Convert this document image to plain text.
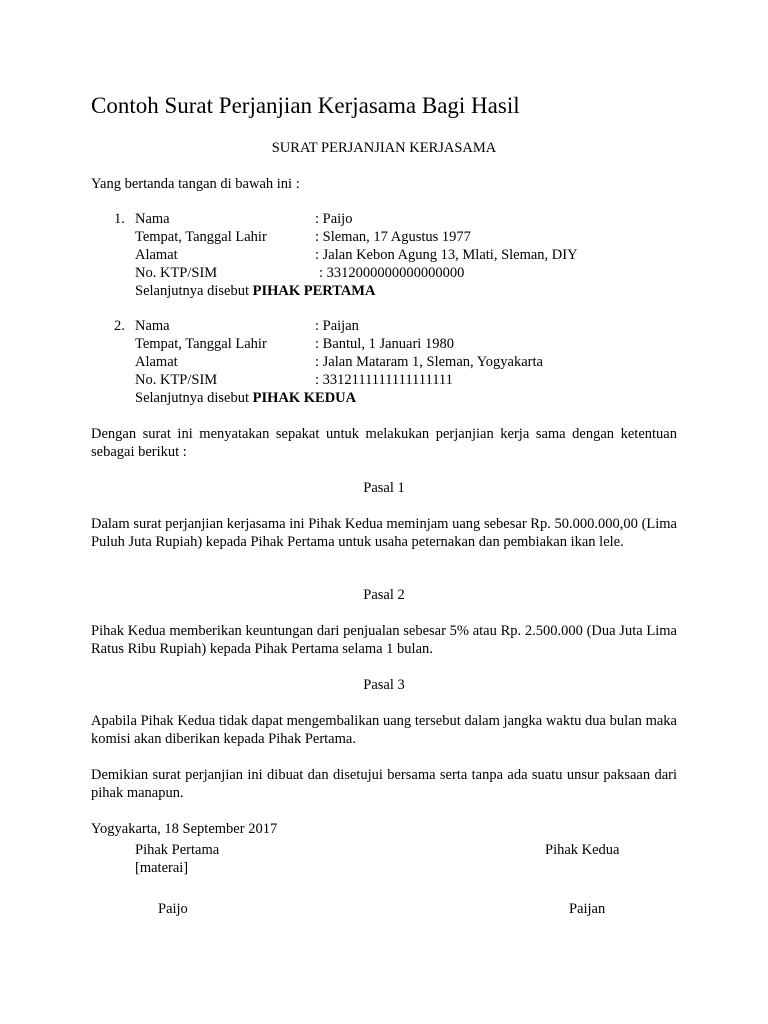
Contoh Surat Perjanjian Kerjasama Bagi Hasil
SURAT PERJANJIAN KERJASAMA
Yang bertanda tangan di bawah ini :
1. Nama
Tempat, Tanggal Lahir
Alamat
No. KTP/SIM
: Paijo
: Sleman, 17 Agustus 1977
: Jalan Kebon Agung 13, Mlati, Sleman, DIY
: 3312000000000000000
Selanjutnya disebut PIHAK PERTAMA
2. Nama
Tempat, Tanggal Lahir
Alamat
No. KTP/SIM
: Paijan
: Bantul, 1 Januari 1980
: Jalan Mataram 1, Sleman, Yogyakarta
: 3312111111111111111
Selanjutnya disebut PIHAK KEDUA
Dengan surat ini menyatakan sepakat untuk melakukan perjanjian kerja sama dengan ketentuan sebagai berikut :
Pasal 1
Dalam surat perjanjian kerjasama ini Pihak Kedua meminjam uang sebesar Rp. 50.000.000,00 (Lima Puluh Juta Rupiah) kepada Pihak Pertama untuk usaha peternakan dan pembiakan ikan lele.
Pasal 2
Pihak Kedua memberikan keuntungan dari penjualan sebesar 5% atau Rp. 2.500.000 (Dua Juta Lima Ratus Ribu Rupiah) kepada Pihak Pertama selama 1 bulan.
Pasal 3
Apabila Pihak Kedua tidak dapat mengembalikan uang tersebut dalam jangka waktu dua bulan maka komisi akan diberikan kepada Pihak Pertama.
Demikian surat perjanjian ini dibuat dan disetujui bersama serta tanpa ada suatu unsur paksaan dari pihak manapun.
Yogyakarta, 18 September 2017
Pihak Pertama
[materai]
Paijo
Pihak Kedua
Paijan
